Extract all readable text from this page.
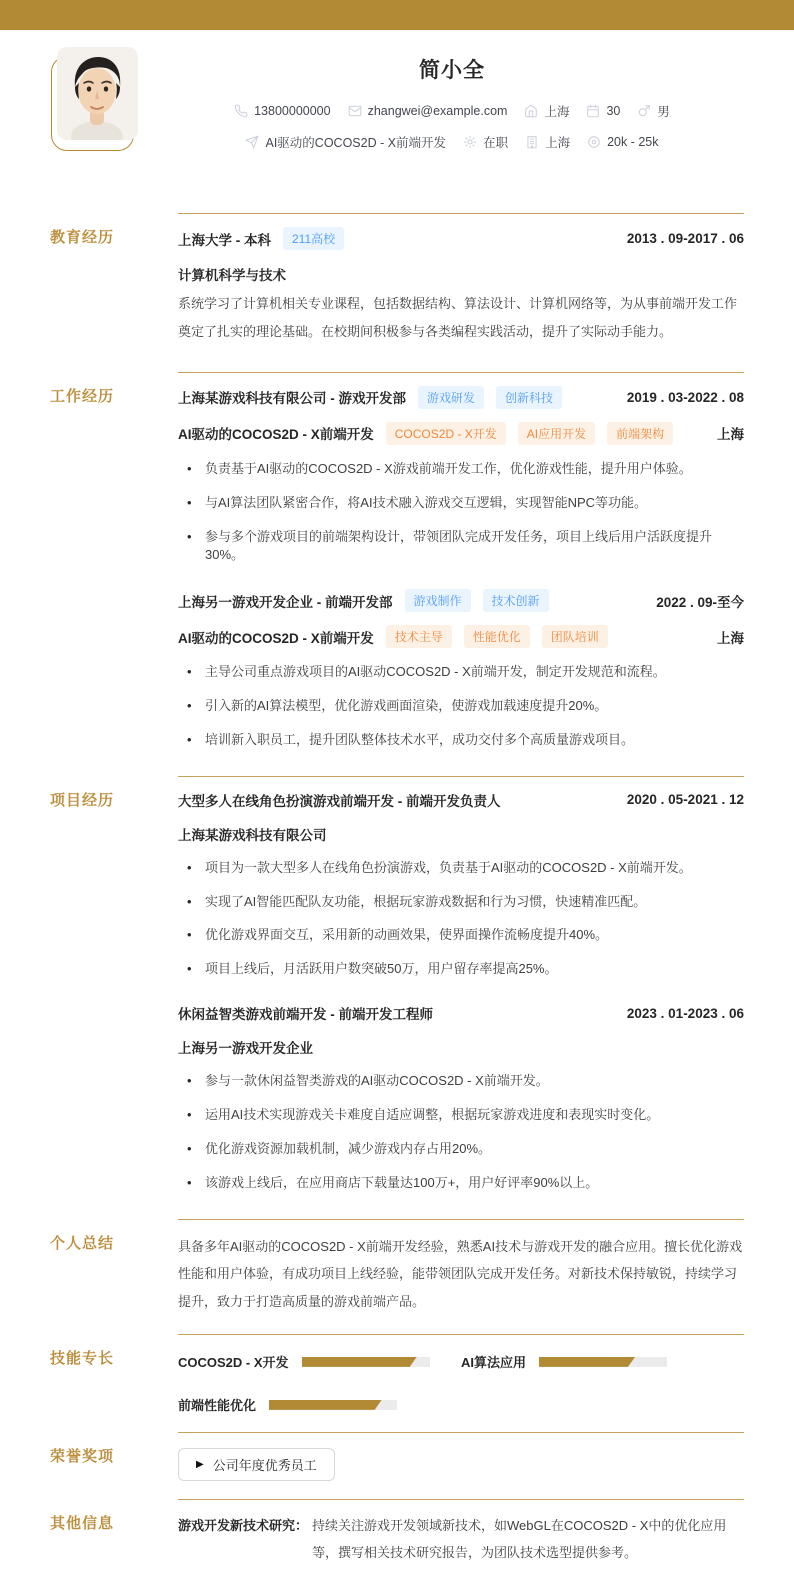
简小全
13800000000	zhangwei@example.com	上海	30	男
AI驱动的COCOS2D - X前端开发	在职	上海	20k - 25k
教育经历	上海大学 - 本科	211高校	2013 . 09-2017 . 06
计算机科学与技术

系统学习了计算机相关专业课程，包括数据结构、算法设计、计算机网络等，为从事前端开发工作奠定了扎实的理论基础。在校期间积极参与各类编程实践活动，提升了实际动手能力。

工作经历	上海某游戏科技有限公司 - 游戏开发部	游戏研发	创新科技	2019 . 03-2022 . 08
AI驱动的COCOS2D - X前端开发	COCOS2D - X开发	AI应用开发	前端架构	上海
• 负责基于AI驱动的COCOS2D - X游戏前端开发工作，优化游戏性能，提升用户体验。
• 与AI算法团队紧密合作，将AI技术融入游戏交互逻辑，实现智能NPC等功能。
• 参与多个游戏项目的前端架构设计，带领团队完成开发任务，项目上线后用户活跃度提升30%。
上海另一游戏开发企业 - 前端开发部	游戏制作	技术创新	2022 . 09-至今
AI驱动的COCOS2D - X前端开发	技术主导	性能优化	团队培训	上海
• 主导公司重点游戏项目的AI驱动COCOS2D - X前端开发，制定开发规范和流程。
• 引入新的AI算法模型，优化游戏画面渲染，使游戏加载速度提升20%。
• 培训新入职员工，提升团队整体技术水平，成功交付多个高质量游戏项目。
项目经历	大型多人在线角色扮演游戏前端开发 - 前端开发负责人	2020 . 05-2021 . 12
上海某游戏科技有限公司
• 项目为一款大型多人在线角色扮演游戏，负责基于AI驱动的COCOS2D - X前端开发。
• 实现了AI智能匹配队友功能，根据玩家游戏数据和行为习惯，快速精准匹配。
• 优化游戏界面交互，采用新的动画效果，使界面操作流畅度提升40%。
• 项目上线后，月活跃用户数突破50万，用户留存率提高25%。
休闲益智类游戏前端开发 - 前端开发工程师	2023 . 01-2023 . 06
上海另一游戏开发企业
• 参与一款休闲益智类游戏的AI驱动COCOS2D - X前端开发。
• 运用AI技术实现游戏关卡难度自适应调整，根据玩家游戏进度和表现实时变化。
• 优化游戏资源加载机制，减少游戏内存占用20%。
• 该游戏上线后，在应用商店下载量达100万+，用户好评率90%以上。
个人总结	具备多年AI驱动的COCOS2D - X前端开发经验，熟悉AI技术与游戏开发的融合应用。擅长优化游戏性能和用户体验，有成功项目上线经验，能带领团队完成开发任务。对新技术保持敏锐，持续学习提升，致力于打造高质量的游戏前端产品。

技能专长	COCOS2D - X开发	AI算法应用
前端性能优化
荣誉奖项	▶ 公司年度优秀员工
其他信息	游戏开发新技术研究： 持续关注游戏开发领域新技术，如WebGL在COCOS2D - X中的优化应用等，撰写相关技术研究报告，为团队技术选型提供参考。
